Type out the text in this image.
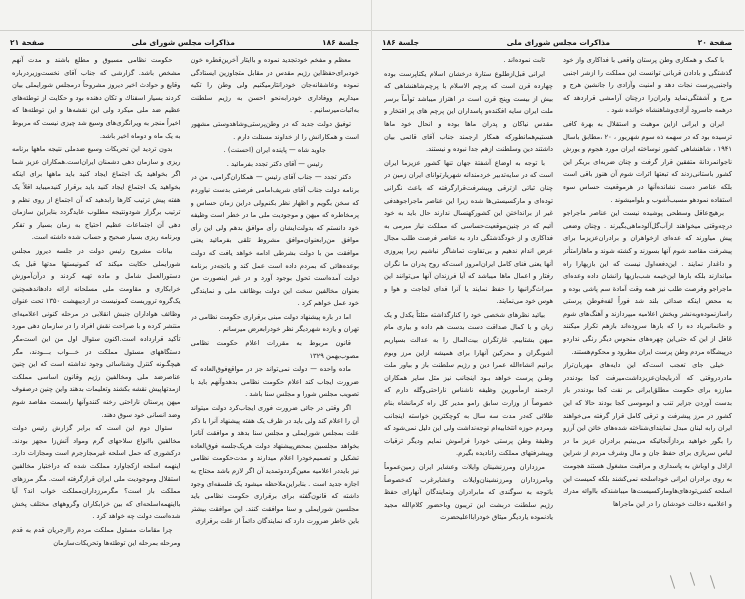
جلسة ۱۸۶
مذاکرات مجلس شورای ملی
صفحة ۲۱

معظم و مفخم خودتجدید نموده و باایثار آخرین‌قطره خون خودبرای‌حفظ‌این رژیم مقدس در مقابل متجاوزین ایستادگی نموده وعاشقانه‌جان خودرانثارمیکنیم ولی وطن را تکیه میداریم ووفاداری خودرابه‌نحو احسن به رژیم سلطنت به‌اثبات‌میرسانیم .

توفیق دولت جدید که در وطن‌پرستی‌وشاهدوستی مشهور است و همکارانش را از خداوند مسئلت دارم .

جاوید شاه — پاینده ایران (احسنت) .

رئیس — آقای دکتر تجدد بفرمائید .

دکتر تجدد — جناب آقای رئیس — همکاران‌گرامی، من در برنامه دولت جناب آقای شریف‌امامی فرصتی بدست نیاوردم که سخن بگویم و اظهار نظر بکنم‌ولی دراین زمان حساس و پرمخاطره که میهن و موجودیت ملی ما در خطر است وظیفه خود دانستم که بدولت‌ایشان رأی موافق بدهم ولی این رأی موافق من‌رابعنوان‌موافق مشروط تلقی بفرمائید یعنی موافقت من با دولت بشرطی ادامه خواهد یافت که دولت بوعده‌هائی که بمردم داده است عمل کند و باتجه‌در برنامه دولت آمده‌است تحول بوجود آورد و در غیر اینصورت من بعنوان مخالفین سخت این دولت بوظائف ملی و نمایندگی خود عمل خواهم کرد .

اما در باره پیشنهاد دولت مبنی برقراری حکومت نظامی در تهران و یازده شهردیگر نظر خودرابعرض میرسانم .

قانون مربوط به مقررات اعلام حکومت نظامی مصوب‌بهمن ۱۳۲۹

ماده واحده — دولت نمی‌تواند جز در مواقع‌فوق‌العاده که ضرورت ایجاب کند اعلام حکومت نظامی بدهدوآنهم باید با تصویب مجلس شورا و مجلس سنا باشد .

اگر وقتی در جائی ضرورت فوری ایجاب‌کرد دولت میتواند آن را اعلام کند ولی باید در ظرف یک هفته پیشنهاد آنرا با ذکر علت بمجلس شورایملی و مجلس سنا بدهد و موافقت آنانرا بخواهد مجلسین بمحض‌پیشنهاد دولت هریک‌جلسه فوق‌العاده تشکیل و تصمیم‌خودرا اعلام میدارند و مدت‌حکومت نظامی نیز بایددر اعلامیه معین‌گرددوتمدید آن اگر لازم باشد محتاج به اجازه جدید است . بنابراین‌ملاحظه میشود یک فلسفه‌ای وجود داشته که قانون‌گفته برای برقراری حکومت نظامی باید مجلسین شورایملی و سنا موافقت کنند. این موافقت بیشتر باین خاطر ضرورت دارد که نمایندگان دائماً از علت برقراری

حکومت نظامی مسبوق و مطلع باشند و مدت آنهم مشخص باشد. گزارشی که جناب آقای نخست‌وزیردرباره وقایع و حوادث اخیر دیروز مشروحاً درمجلس شورایملی بیان کردند بسیار اسفناك و تکان دهنده بود و حکایت از توطئه‌های عظیم ضد ملی میکرد ولی این نقشه‌ها و این توطئه‌ها که اخیراً منجر به ویرانگری‌های وسیع شد چیزی نیست که مربوط به یک ماه و دوماه اخیر باشد.

بدون تردید این تحریکات وسیع ضدملی نتیجه ماهها برنامه ریزی و سازمان دهی دشمنان ایران‌است.همکاران عزیز شما اگر بخواهید یک اجتماع ایجاد کنید باید ماهها برای اینکه بخواهید یک اجتماع ایجاد کنید باید برقرار کنیدمیباید اقلاً یک هفته پیش ترتیب کارها رابدهید که آن اجتماع از روی نظم و ترتیب برگزار شودونتیجه مطلوب عایدگردد بنابراین سازمان دهی آن اجتماعات عظیم احتیاج به زمان بسیار و تفکر وبرنامه ریزی بسیار صحیح و حساب شده داشته است.

بیانات مشروح رئیس دولت در جلسه دیروز مجلس شورایملی حکایت میکند که کمونیستها مدتها قبل یک دستورالعمل شامل و ماده تهیه کردند و درآن‌آموزش خرابکاری و مقاومت ملی مسلحانه ارائه دادهاندهمچنین یک‌گروه تروریست کمونیست در اردیبهشت ۱۳۵۰ تحت عنوان وظائف هواداران جنبش انقلابی در مرحله کنونی اعلامیه‌ای منتشر کرده و با صراحت نقش افراد را در سازمان دهی مورد تأکید قرارداده است.اکنون سئوال اول من این است‌مگر دستگاههای مسئول مملکت در خـــواب بـــودند، مگر هیچگـونه کنترل وشناسائی وجود نداشته است که این چنین عناصرضد ملی ومخالفین رژیم وقانون اساسی مملکت ازمدتهاپیش نقشه بکشند وتعلیمات بدهند واین چنین درصفوف میهن پرستان ناراحتی رخنه کنندوآنها رابسمت مقاصد شوم وضد انسانی خود سوق دهند.

سئوال دوم این است که برابر گزارش رئیس دولت مخالفین باانواع سلاحهای گرم ومواد آتش‌زا مجهز بودند. درکشوری که حمل اسلحه غیرمجازجرم است ومجازات دارد. اینهمه اسلحه ازکجاوارد مملکت شده که دراختیار مخالفین استقلال وموجودیت ملی ایران قرارگرفته است. مگر مرزهای مملکت باز است؟ مگرمرزداران‌مملکت خواب اند؟ آیا بااینهمه‌اسلحه‌ای که بین خرابکاران وگروههای مختلف پخش شده‌است دولت چه خواهد کرد .

چرا مقامات مسئول مملکت مردم راازجریان قدم به قدم ومرحله بمرحله این توطئه‌ها وتحریکات‌سازمان

صفحة ۲۰
مذاکرات مجلس شورای ملی
جلسة ۱۸۶

با کمک و همکاری وطن پرستان واقعی با فداکاری واز خود گذشتگی و بادادن قربانی توانست این مملکت را ازشر اجنبی واجنبی‌پرست نجات دهد و امنیت وآزادی را جانشین هرج و مرج و آشفتگی‌نماید وایران‌را درچنان آرامشی قراردهد که درهمه جاسرود آزادی‌وشاهنشاه خوانده شود .

ایران و ایرانی ازاین موهبت و استقلال به بهرة کافی ترسیده بود که در سهمه ذه سوم شهریور ، ۲۰ ،مطابق باسال ۱۹۴۱ ، شاهنشاهی کشور نوساخته ایران مورد هجوم و یورش ناجوانمردانة متفقین قرار گرفت و چنان ضربه‌ای بریکر این کشور باستانی‌زدند که تبعتها اثرات شوم آن هنوز باقی است بلکه عناصر دست نشانده‌آنها در هرموقعیت حساس سوء استفاده نمودهو مسبب‌آشوب و بلوامیشوند .

برهیچ‌عاقل وسطحی پوشیده نیست این عناصر ماجراجو درچه‌وقتی میخواهند ازآب‌گل‌آلودماهی‌بگیرند . وچنان وضعی پیش میاورند که عده‌ای ازخواهران و برادران‌عزیزما برای پیشرفت مقاصد شوم آنها بسوزند و کشته شوند و ماهارامتأثر و داغدار نمایند . این‌دفعه‌اول نیست که این بازیهارا راه میاندازند بلکه بارها این‌خیمه شب‌بازیها رانشان داده وعده‌ای ماجراجو وفرصت طلب نیز همه وقت آمادة سم پاشی بوده و به محض اینکه صدائی بلند شد فوراً لفه‌فوطن پرستی راسازنموده‌وبه‌نشر وبخش اعلامیه میپردازند و آهنگ‌های شوم و خانمانبرباد ده را که بارها سروده‌اند بازهم تکرار میکنند غافل از این که حتی‌این چهره‌های منحوس دیگر رنگی ندارد‌و درپیشگاه مردم وطن پرست ایران مطرود و محکوم‌هستند.

خیلی جای تعجب است‌که این دایه‌های مهربان‌تراز مادردروقتی که آذربایجان‌عزیزداشت‌میرفت کجا بودنددر مبارزه برای حکومت مطلق‌ایرانی بر نفت کجا بودنددر باز بدست آوردن جزایر تنب و ابوموسی کجا بودند حالا که این کشور در مرز پیشرفت و ترقی کامل قرار گرفته می‌خواهند ایران رابه لبنان مبدل نمایندای‌شناخته شده‌های خائن این آرزو را بگور خواهید بردازآنجائیکه می‌بینیم برادران عزیز ما در لباس سربازی برای حفظ جان و مال وشرف مردم از شراین اراذل و اوباش به پاسداری و مراقبت مشغول هستند هجومت به روی برادران ایرانی خوداسلحه نمی‌کشند بلکه کمیست این اسلحه کشی‌تودهای‌هاومارکسیست‌ها میباشندکه بااوائه مدرك و اعلامیه دخالت خودشان را در این ماجراها

ثابت نموده‌اند .

ایرانی قبل‌ازطلوع ستارة درخشان اسلام یکتاپرست بوده چهارده قرن است که پرچم الاسلام با پرچم‌شاهنشاهی که بیش از بیست وپنج قرن است در اهتزاز میباشد توأماً برسر ملت ایران سایه افکنده‌و پاسداران این پرچم های پر افتخار و مقدس نیاکان و پدران ماها بوده و انحال خود ماها هستیم‌همانطورکه همکار ارجمند جناب آقای قائمی بیان داشتند دین وسلطنت ازهم جدا نبوده و نیستند.

با توجه به اوضاع آشفتة جهان تنها کشور عزیزما ایران است که در سایه‌تدبیر خردمندانه شهریارتوانای ایران زمین در چنان ثباتی ازترقی وپیشرفت‌قرارگرفته که باعث نگرانی توده‌ای و مارکسیستی‌ها شده زیرا این عناصر ماجراجوهدفی غیر از برانداختن این کشورکهنسال ندارند حال باید به خود آئیم که در چنین‌موقعیت‌حساسی که مملکت نیاز مبرمی به فداکاری و از خودگذشتگی دارد به عناصر فرصت طلب مجال عرض اندام ندهیم و بی‌تفاوت تماشاگر نباشیم زیرا پیروزی آنها یعنی فنای کامل ایران‌امروز است‌که روح پدران ما نگران رفتار و اعمال ماها میباشد که آیا فرزندان آنها می‌توانند این میراث‌گرانبها را حفظ نمایند یا آنرا فدای لجاجت و هوا و هوس خود می‌نمایند.

بیائید نظرهای شخصی خود را کنارگذاشته مثلثاً یکدل و یک زبان و با کمال صداقت دست بدست هم داده و بیاری مام میهن بشتابیم. غارتگران بیت‌المال را به عدالت بسپاریم آشوبگران و محرکین آنهارا برای همیشه ازاین مرز وبوم برانیم انشاءالله عمرا دین و رژیم سلطنت باز و بیاور ملت وطـن پرست خواهد بـود اینجانب نیز مثل سایر همکاران ارجمند ازمأمورین وظیفه ناشناس ناراحتی‌وگله دارم که خصوصاً از وزارت سابق رامو مدیر کل راه کرمانشاه بنام طلائی که‌در مدت سه سال به کوچکترین خواسته اینجانب ومردم حوزه انتخابیه‌ام توجه‌نداشت ولی این دلیل نمی‌شود که وظیفة وطن پرستی خودرا فراموش نمایم ودیگر ترقیات وپیشرفتهای مملکت رانادیده بگیرم.

مرزداران ومرزنشینان وایلات وعشایر ایران زمین‌عموماً وبامرزداران ومرزنشینان‌وایلات وعشایرغرب که‌خصوصاً باتوجه به سوگندی که مابرادران ونمایندگان آنهارای حفظ رژیم سلطنت دربشت این تریبون وباحضور کلام‌الله مجید یادنموده یاردیگر میثاق خودرابااعلیحضرت
